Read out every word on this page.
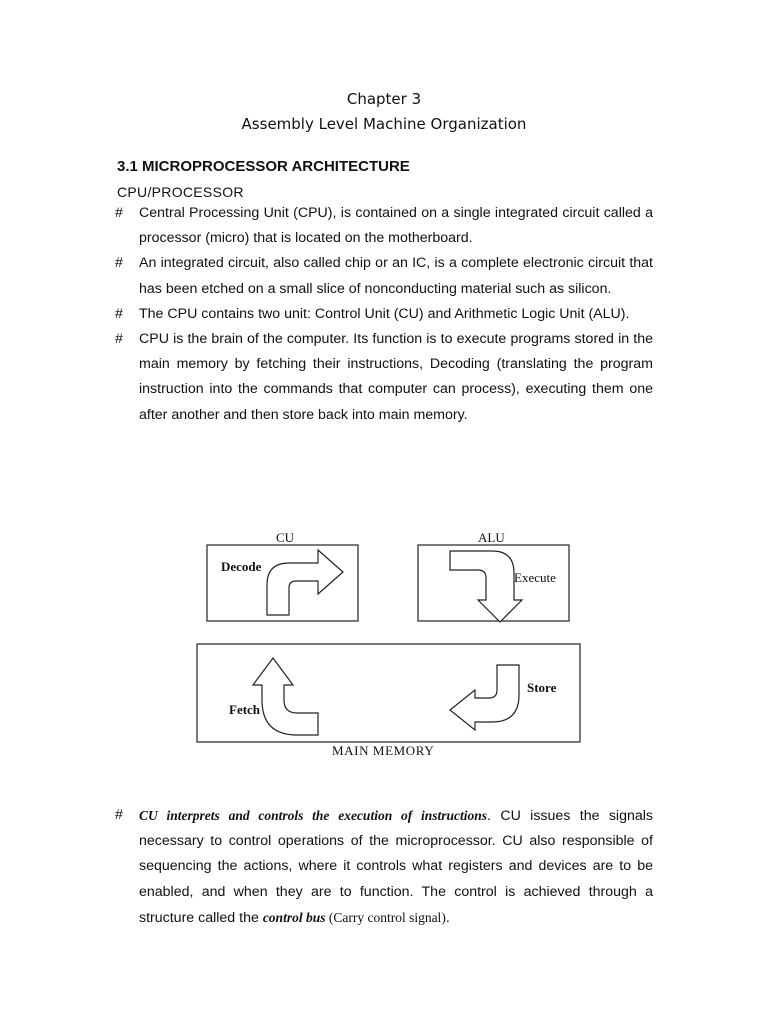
Chapter 3
Assembly Level Machine Organization
3.1 MICROPROCESSOR ARCHITECTURE
CPU/PROCESSOR
# Central Processing Unit (CPU), is contained on a single integrated circuit called a processor (micro) that is located on the motherboard.
# An integrated circuit, also called chip or an IC, is a complete electronic circuit that has been etched on a small slice of nonconducting material such as silicon.
# The CPU contains two unit: Control Unit (CU) and Arithmetic Logic Unit (ALU).
# CPU is the brain of the computer. Its function is to execute programs stored in the main memory by fetching their instructions, Decoding (translating the program instruction into the commands that computer can process), executing them one after another and then store back into main memory.
CU	ALU
Decode
Execute
Fetch
Store
MAIN MEMORY
# CU interprets and controls the execution of instructions. CU issues the signals necessary to control operations of the microprocessor. CU also responsible of sequencing the actions, where it controls what registers and devices are to be enabled, and when they are to function. The control is achieved through a structure called the control bus (Carry control signal).
